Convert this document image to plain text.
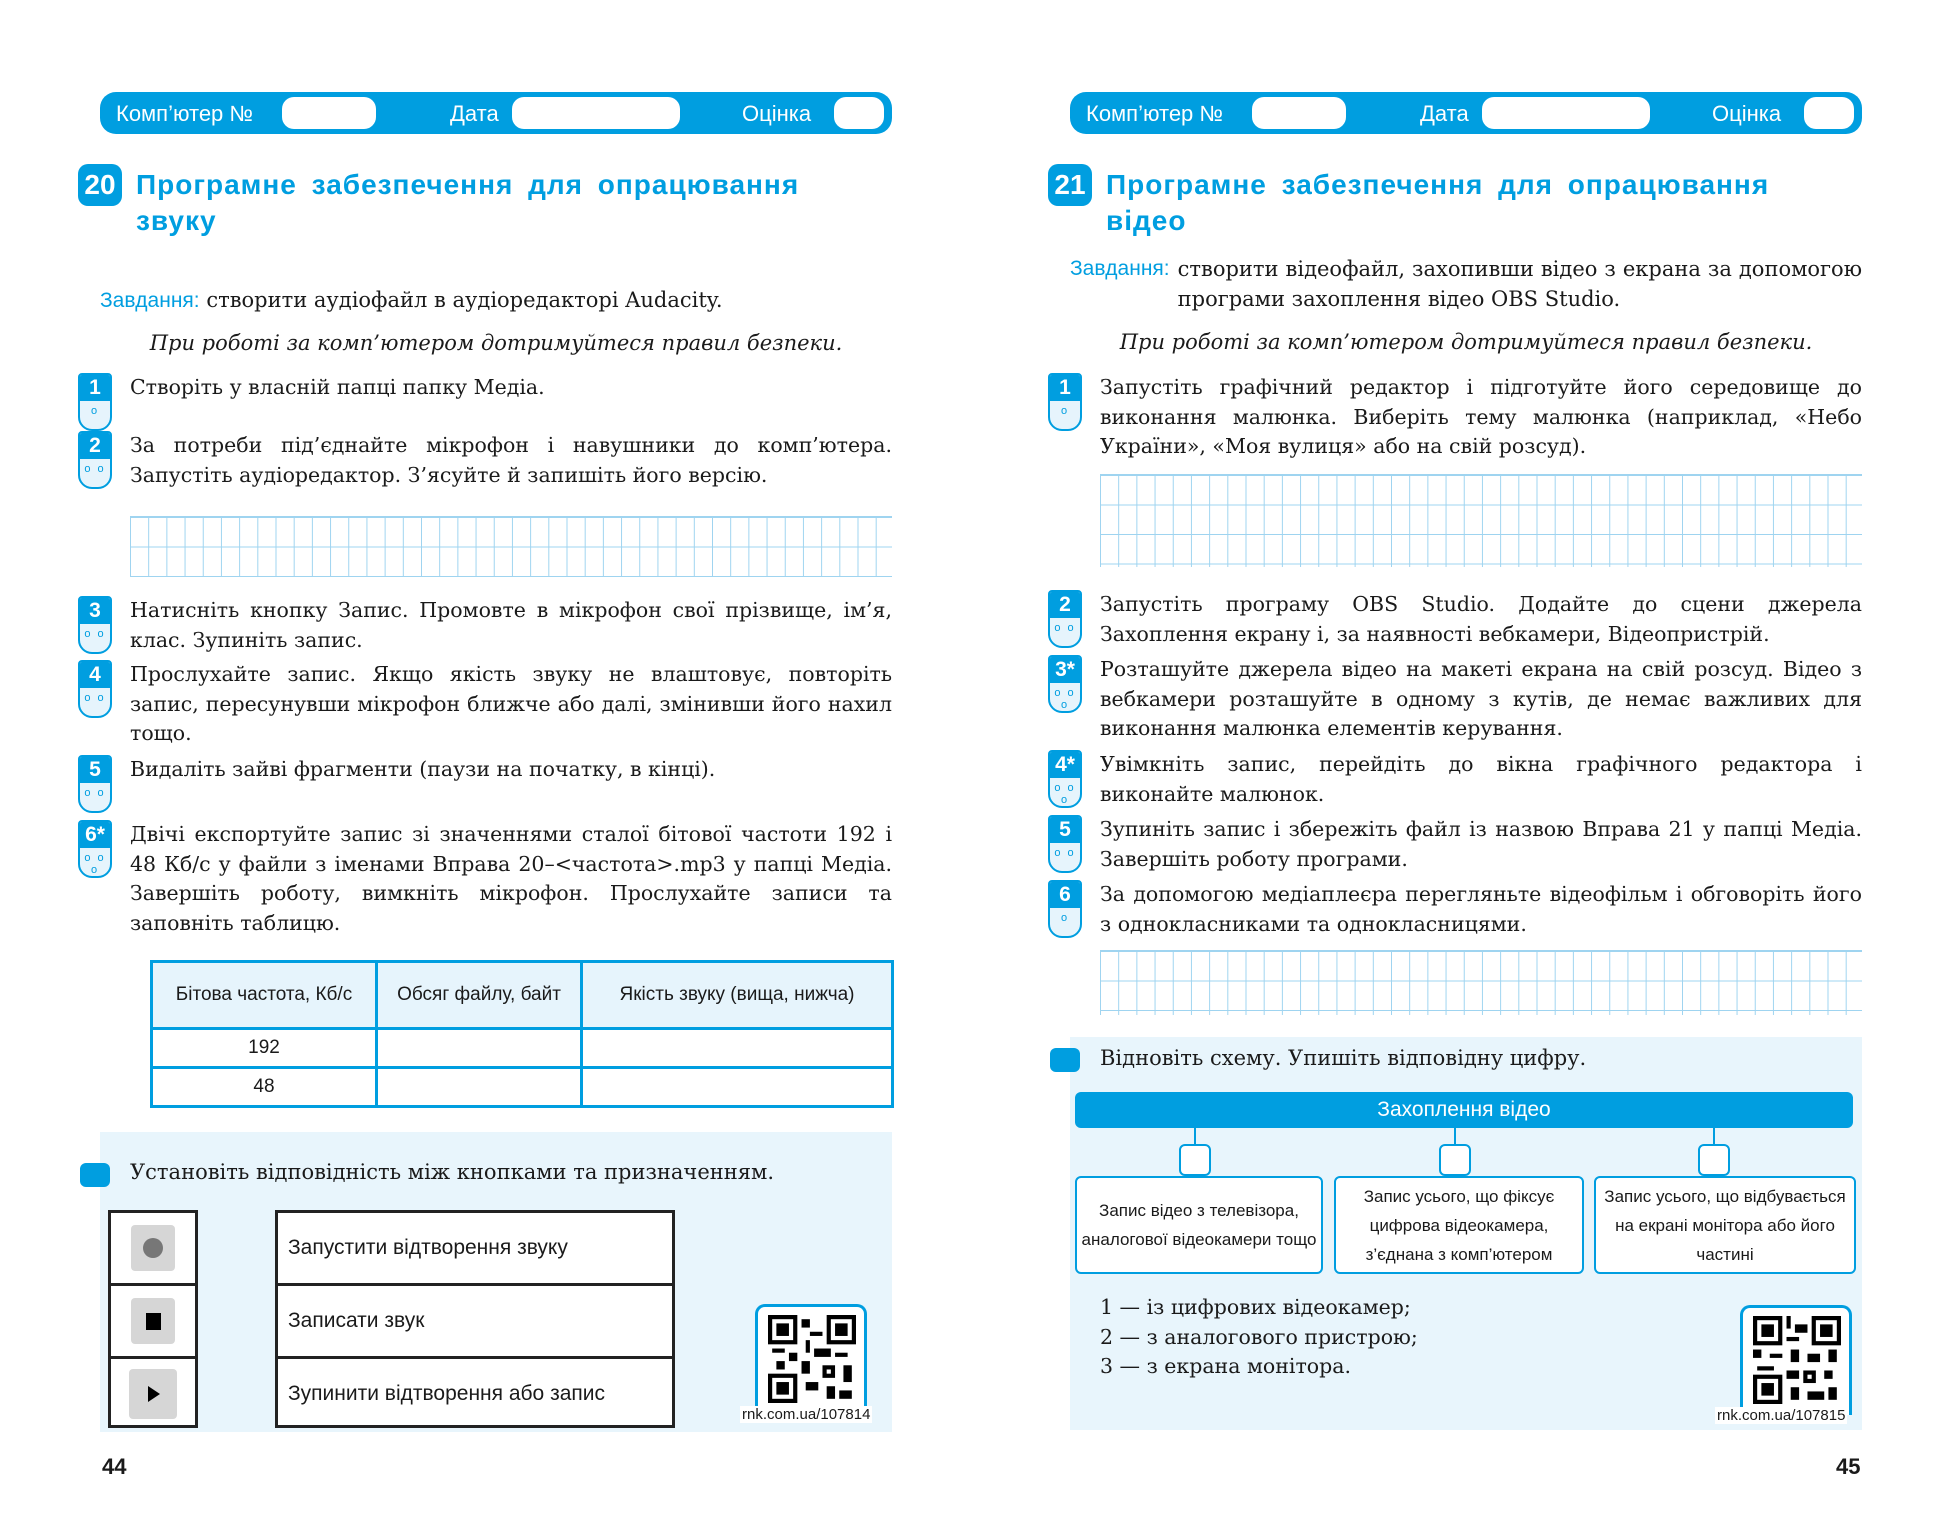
Комп’ютер №	Дата	Оцінка
20 Програмне забезпечення для опрацювання звуку
Завдання: створити аудіофайл в аудіоредакторі Audacity.
При роботі за комп’ютером дотримуйтеся правил безпеки.
1
o
Створіть у власній папці папку Медіа.
2
o o
За потреби під’єднайте мікрофон і навушники до комп’ютера. Запустіть аудіоредактор. З’ясуйте й запишіть його версію.
3
o o
Натисніть кнопку Запис. Промовте в мікрофон свої прізвище, ім’я, клас. Зупиніть запис.
4
o o
Прослухайте запис. Якщо якість звуку не влаштовує, повторіть запис, пересунувши мікрофон ближче або далі, змінивши його нахил тощо.
5
o o
Видаліть зайві фрагменти (паузи на початку, в кінці).
6*
o o
o
Двічі експортуйте запис зі значеннями сталої бітової частоти 192 і 48 Кб/с у файли з іменами Вправа 20–<частота>.mp3 у папці Медіа. Завершіть роботу, вимкніть мікрофон. Прослухайте записи та заповніть таблицю.
Бітова частота, Кб/с	Обсяг файлу, байт	Якість звуку (вища, нижча)
192		
48		
Установіть відповідність між кнопками та призначенням.
Запустити відтворення звуку
Записати звук
Зупинити відтворення або запис
rnk.com.ua/107814
44
Комп’ютер №	Дата	Оцінка
21 Програмне забезпечення для опрацювання відео
Завдання: створити відеофайл, захопивши відео з екрана за допомогою програми захоплення відео OBS Studio.
При роботі за комп’ютером дотримуйтеся правил безпеки.
1
o
Запустіть графічний редактор і підготуйте його середовище до виконання малюнка. Виберіть тему малюнка (наприклад, «Небо України», «Моя вулиця» або на свій розсуд).
2
o o
Запустіть програму OBS Studio. Додайте до сцени джерела Захоплення екрану і, за наявності вебкамери, Відеопристрій.
3*
o o
o
Розташуйте джерела відео на макеті екрана на свій розсуд. Відео з вебкамери розташуйте в одному з кутів, де немає важливих для виконання малюнка елементів керування.
4*
o o
o
Увімкніть запис, перейдіть до вікна графічного редактора і виконайте малюнок.
5
o o
Зупиніть запис і збережіть файл із назвою Вправа 21 у папці Медіа. Завершіть роботу програми.
6
o
За допомогою медіаплеєра перегляньте відеофільм і обговоріть його з однокласниками та однокласницями.
Відновіть схему. Упишіть відповідну цифру.
Захоплення відео
Запис відео з телевізора, аналогової відеокамери тощо
Запис усього, що фіксує цифрова відеокамера, з’єднана з комп’ютером
Запис усього, що відбувається на екрані монітора або його частині
1 — із цифрових відеокамер;
2 — з аналогового пристрою;
3 — з екрана монітора.
rnk.com.ua/107815
45
